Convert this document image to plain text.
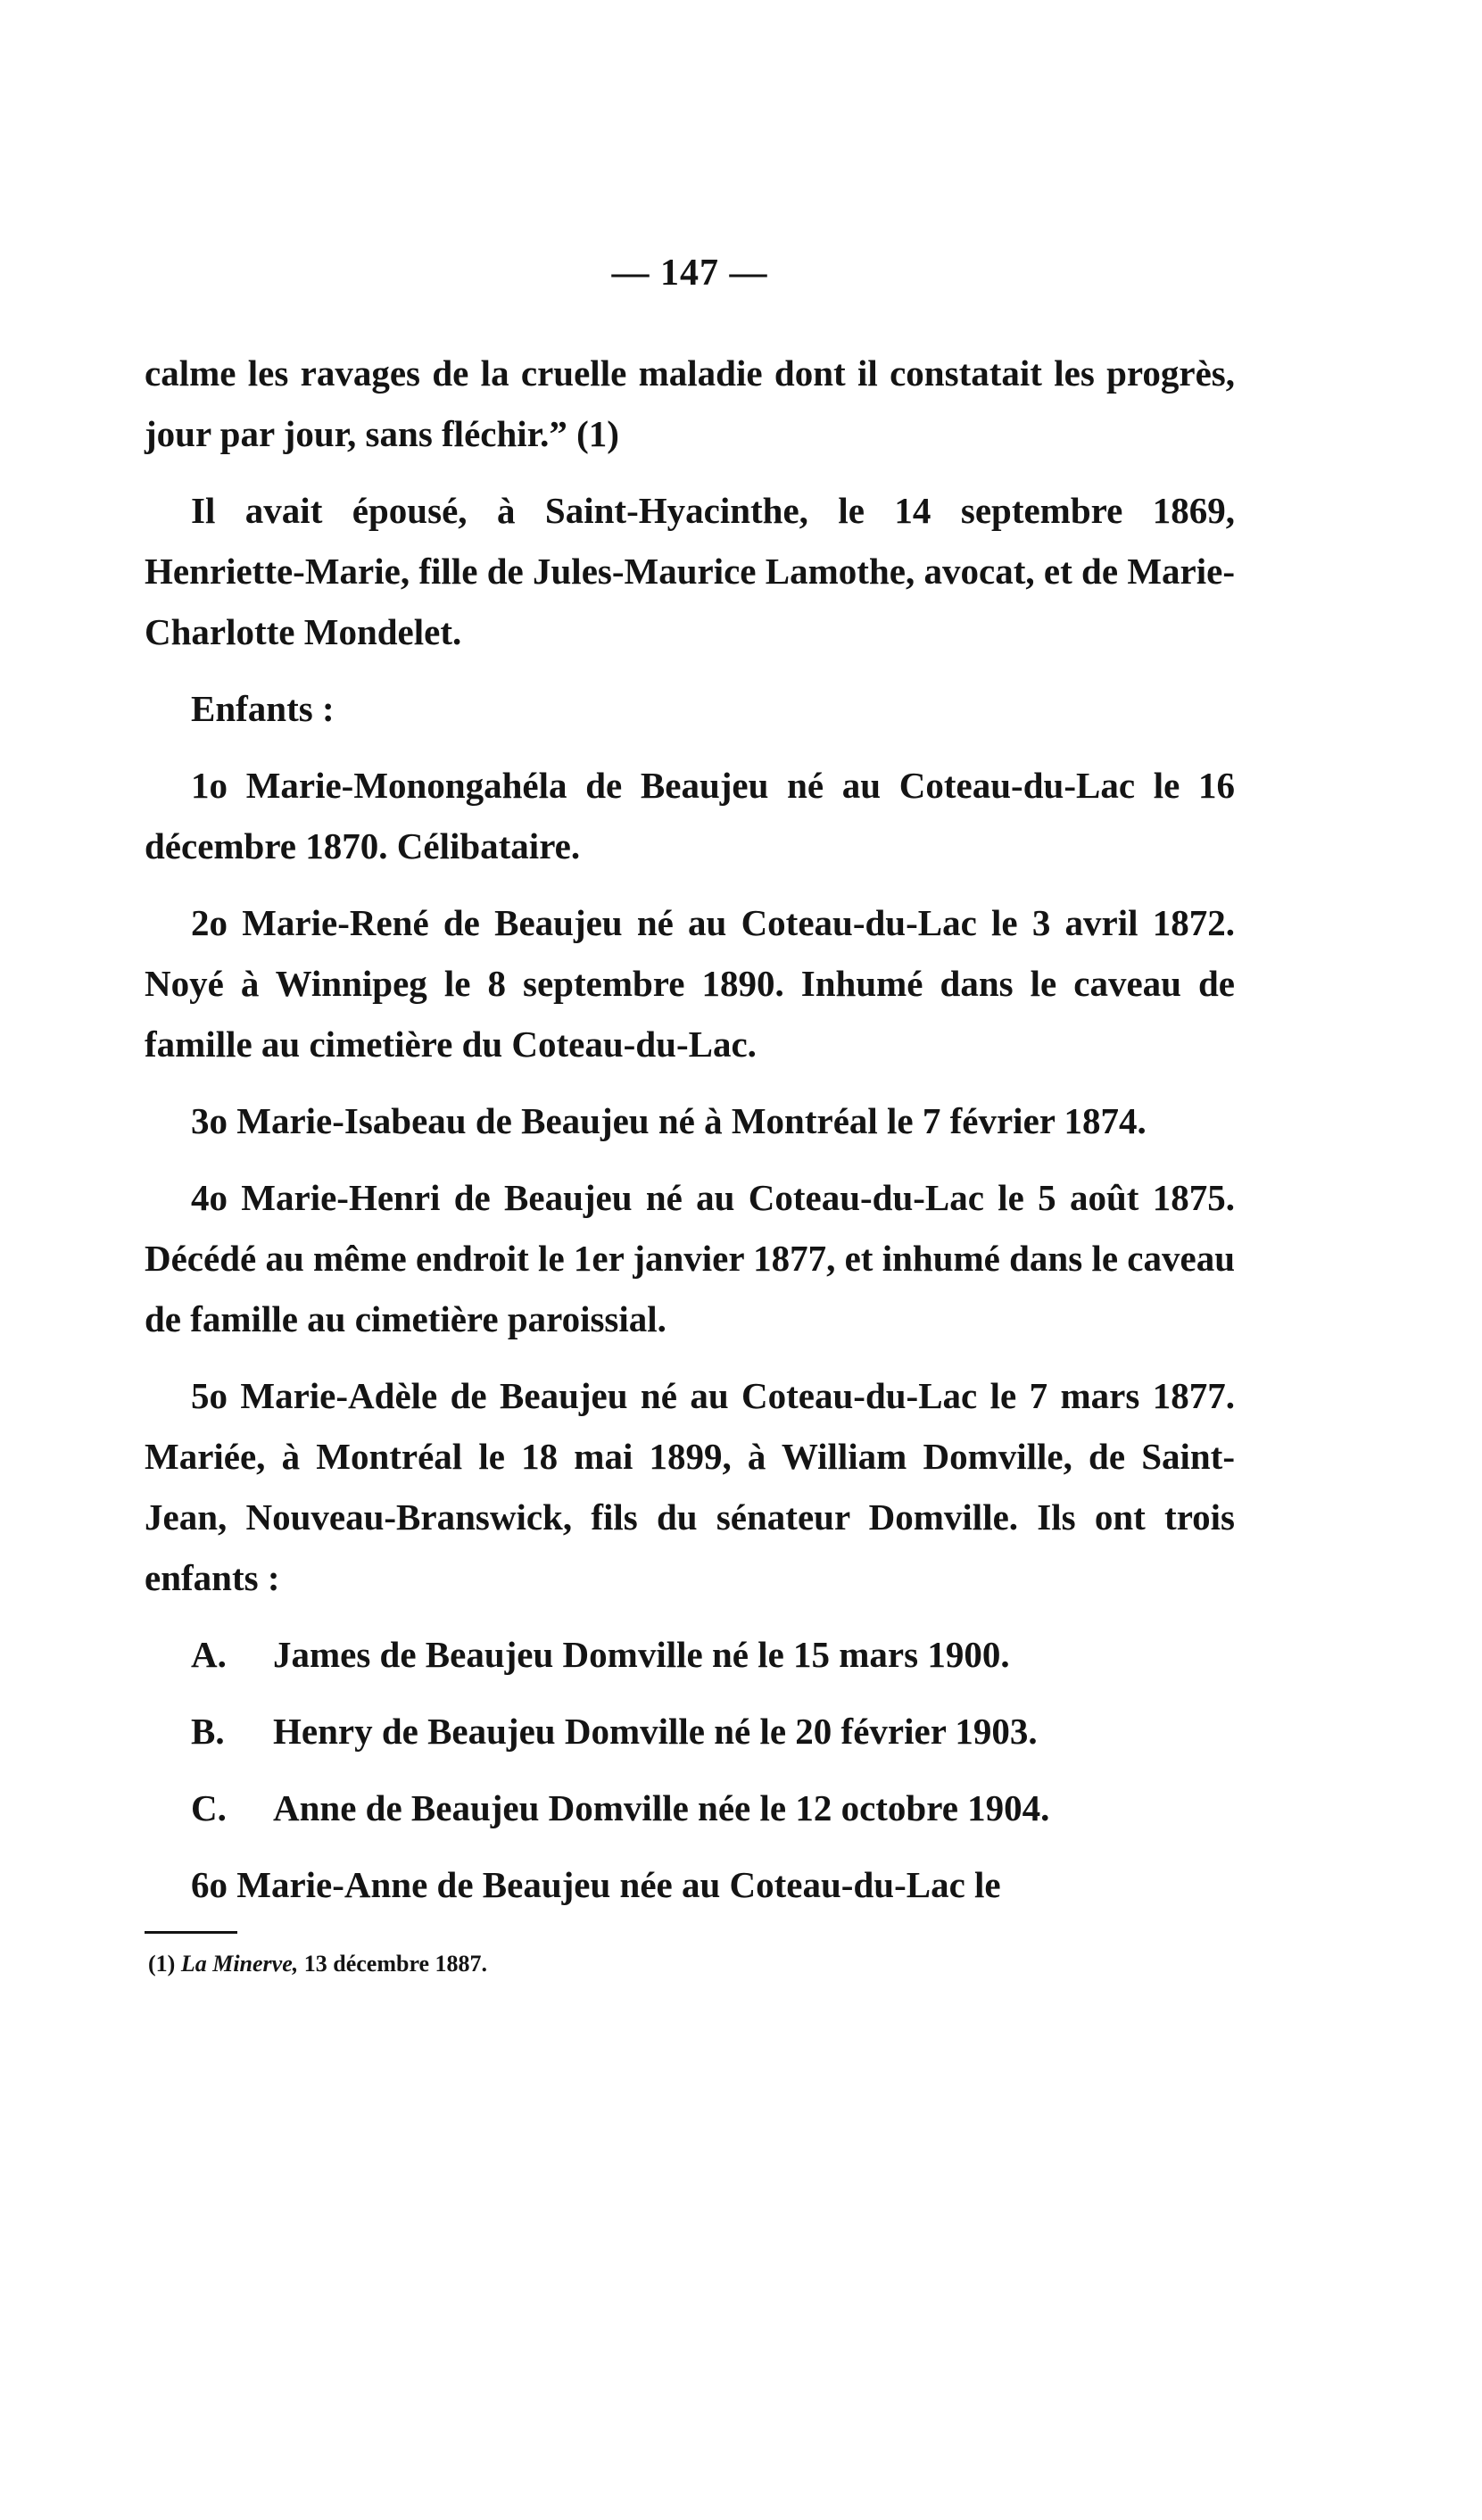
— 147 —

calme les ravages de la cruelle maladie dont il constatait les progrès, jour par jour, sans fléchir.” (1)

Il avait épousé, à Saint-Hyacinthe, le 14 septembre 1869, Henriette-Marie, fille de Jules-Maurice Lamothe, avocat, et de Marie-Charlotte Mondelet.

Enfants :

1o Marie-Monongahéla de Beaujeu né au Coteau-du-Lac le 16 décembre 1870. Célibataire.

2o Marie-René de Beaujeu né au Coteau-du-Lac le 3 avril 1872. Noyé à Winnipeg le 8 septembre 1890. Inhumé dans le caveau de famille au cimetière du Coteau-du-Lac.

3o Marie-Isabeau de Beaujeu né à Montréal le 7 février 1874.

4o Marie-Henri de Beaujeu né au Coteau-du-Lac le 5 août 1875. Décédé au même endroit le 1er janvier 1877, et inhumé dans le caveau de famille au cimetière paroissial.

5o Marie-Adèle de Beaujeu né au Coteau-du-Lac le 7 mars 1877. Mariée, à Montréal le 18 mai 1899, à William Domville, de Saint-Jean, Nouveau-Branswick, fils du sénateur Domville. Ils ont trois enfants :

A.	James de Beaujeu Domville né le 15 mars 1900.
B.	Henry de Beaujeu Domville né le 20 février 1903.
C.	Anne de Beaujeu Domville née le 12 octobre 1904.

6o Marie-Anne de Beaujeu née au Coteau-du-Lac le

(1) La Minerve, 13 décembre 1887.
